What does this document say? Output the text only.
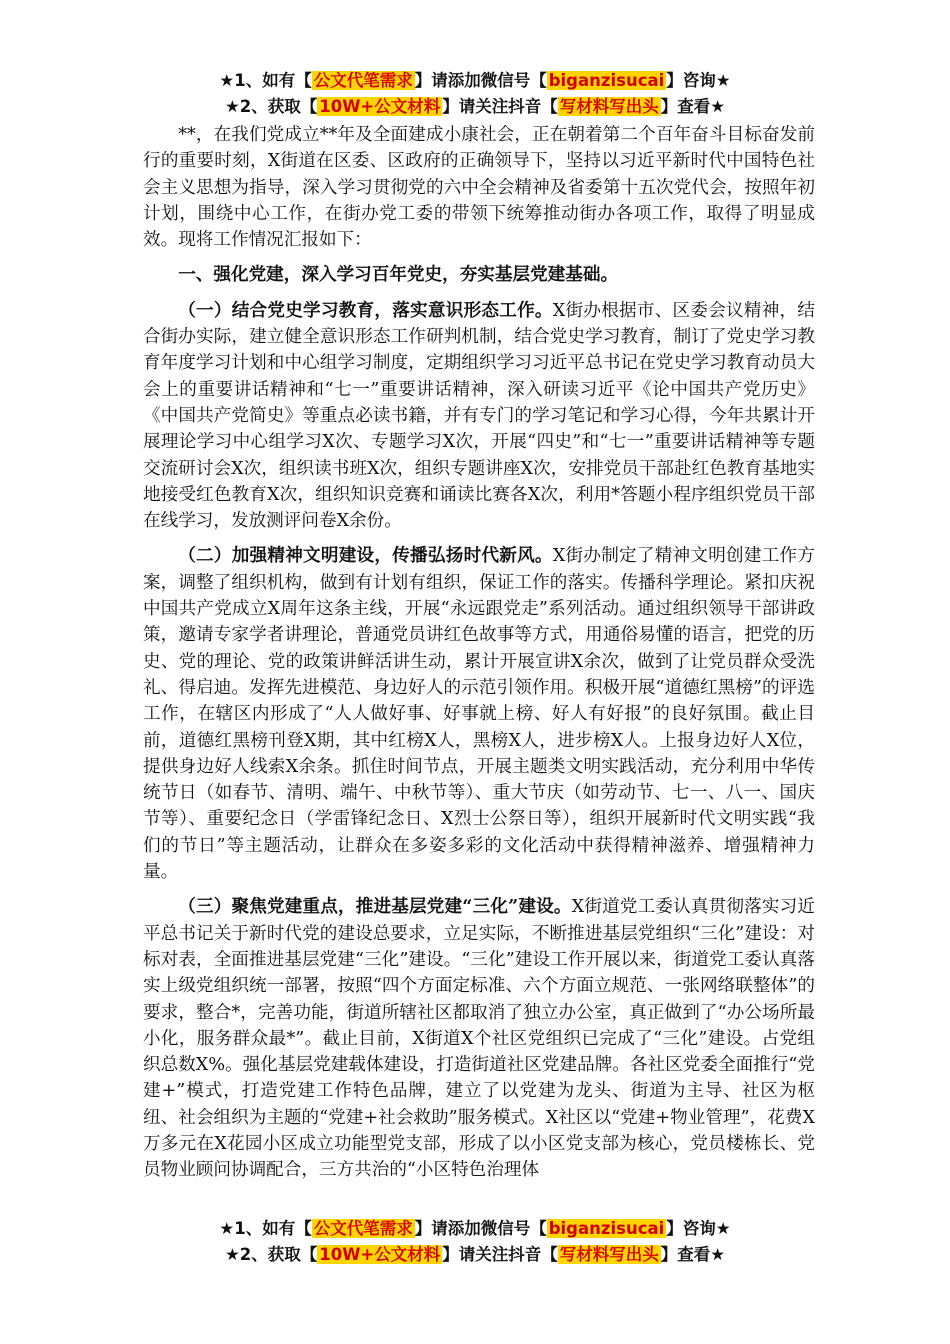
★1、如有【 公文代笔需求 】请添加微信号【 biganzisucai 】咨询★
★2、获取【 10W+公文材料 】请关注抖音【 写材料写出头 】查看★

**，在我们党成立**年及全面建成小康社会，正在朝着第二个百年奋斗目标奋发前行的重要时刻，X街道在区委、区政府的正确领导下，坚持以习近平新时代中国特色社会主义思想为指导，深入学习贯彻党的六中全会精神及省委第十五次党代会，按照年初计划，围绕中心工作，在街办党工委的带领下统筹推动街办各项工作，取得了明显成效。现将工作情况汇报如下：

一、强化党建，深入学习百年党史，夯实基层党建基础。

（一）结合党史学习教育，落实意识形态工作。X街办根据市、区委会议精神，结合街办实际，建立健全意识形态工作研判机制，结合党史学习教育，制订了党史学习教育年度学习计划和中心组学习制度，定期组织学习习近平总书记在党史学习教育动员大会上的重要讲话精神和“七一”重要讲话精神，深入研读习近平《论中国共产党历史》《中国共产党简史》等重点必读书籍，并有专门的学习笔记和学习心得，今年共累计开展理论学习中心组学习X次、专题学习X次，开展“四史”和“七一”重要讲话精神等专题交流研讨会X次，组织读书班X次，组织专题讲座X次，安排党员干部赴红色教育基地实地接受红色教育X次，组织知识竞赛和诵读比赛各X次，利用*答题小程序组织党员干部在线学习，发放测评问卷X余份。

（二）加强精神文明建设，传播弘扬时代新风。X街办制定了精神文明创建工作方案，调整了组织机构，做到有计划有组织，保证工作的落实。传播科学理论。紧扣庆祝中国共产党成立X周年这条主线，开展“永远跟党走”系列活动。通过组织领导干部讲政策，邀请专家学者讲理论，普通党员讲红色故事等方式，用通俗易懂的语言，把党的历史、党的理论、党的政策讲鲜活讲生动，累计开展宣讲X余次，做到了让党员群众受洗礼、得启迪。发挥先进模范、身边好人的示范引领作用。积极开展“道德红黑榜”的评选工作，在辖区内形成了“人人做好事、好事就上榜、好人有好报”的良好氛围。截止目前，道德红黑榜刊登X期，其中红榜X人，黑榜X人，进步榜X人。上报身边好人X位，提供身边好人线索X余条。抓住时间节点，开展主题类文明实践活动，充分利用中华传统节日（如春节、清明、端午、中秋节等）、重大节庆（如劳动节、七一、八一、国庆节等）、重要纪念日（学雷锋纪念日、X烈士公祭日等），组织开展新时代文明实践“我们的节日”等主题活动，让群众在多姿多彩的文化活动中获得精神滋养、增强精神力量。

（三）聚焦党建重点，推进基层党建“三化”建设。X街道党工委认真贯彻落实习近平总书记关于新时代党的建设总要求，立足实际，不断推进基层党组织“三化”建设：对标对表，全面推进基层党建“三化”建设。“三化”建设工作开展以来，街道党工委认真落实上级党组织统一部署，按照“四个方面定标准、六个方面立规范、一张网络联整体”的要求，整合*，完善功能，街道所辖社区都取消了独立办公室，真正做到了“办公场所最小化，服务群众最*”。截止目前，X街道X个社区党组织已完成了“三化”建设。占党组织总数X%。强化基层党建载体建设，打造街道社区党建品牌。各社区党委全面推行“党建+”模式，打造党建工作特色品牌，建立了以党建为龙头、街道为主导、社区为枢纽、社会组织为主题的“党建+社会救助”服务模式。X社区以“党建+物业管理”，花费X万多元在X花园小区成立功能型党支部，形成了以小区党支部为核心，党员楼栋长、党员物业顾问协调配合，三方共治的“小区特色治理体

★1、如有【 公文代笔需求 】请添加微信号【 biganzisucai 】咨询★
★2、获取【 10W+公文材料 】请关注抖音【 写材料写出头 】查看★
